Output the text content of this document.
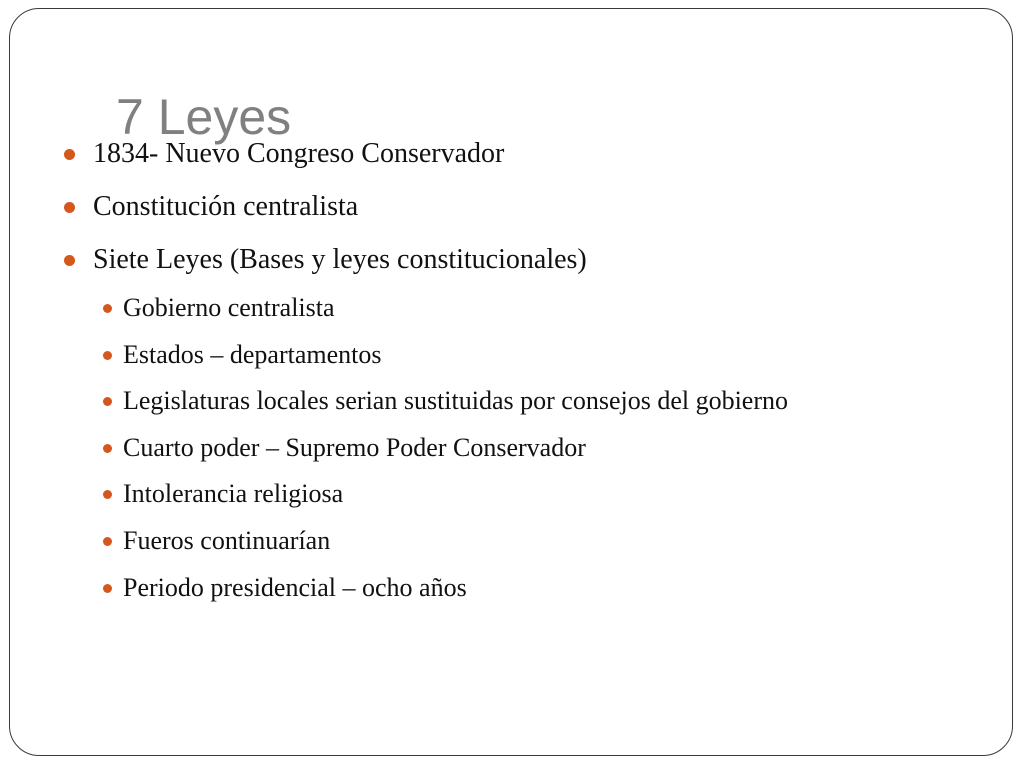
1834- Nuevo Congreso Conservador
Constitución centralista
Siete Leyes (Bases y leyes constitucionales)
Gobierno centralista
Estados – departamentos
Legislaturas locales serian sustituidas por consejos del gobierno
Cuarto poder – Supremo Poder Conservador
Intolerancia religiosa
Fueros continuarían
Periodo presidencial – ocho años
7 Leyes
